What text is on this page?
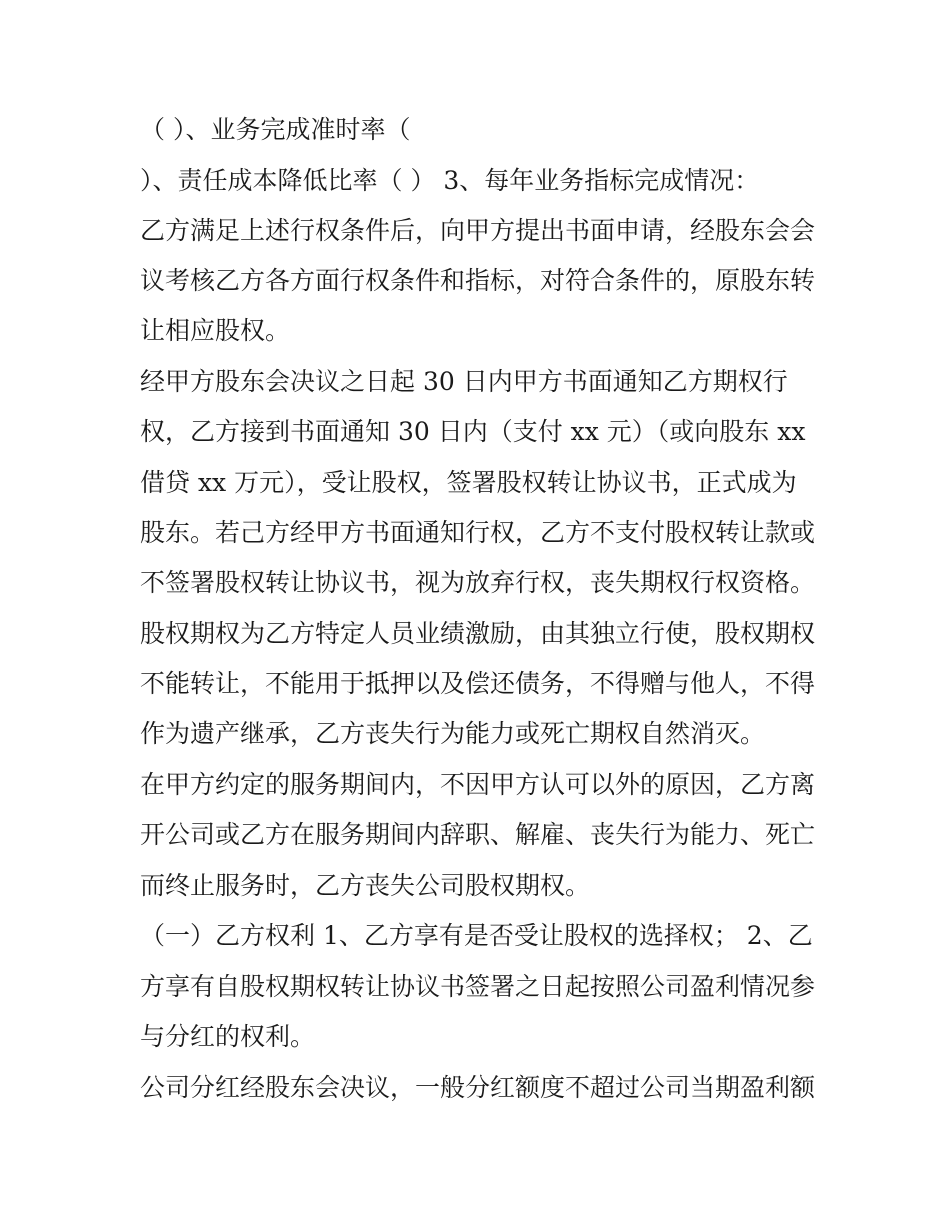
（ ）、业务完成准时率（

）、责任成本降低比率（ ） 3、每年业务指标完成情况：

乙方满足上述行权条件后，向甲方提出书面申请，经股东会会

议考核乙方各方面行权条件和指标，对符合条件的，原股东转

让相应股权。

经甲方股东会决议之日起 30 日内甲方书面通知乙方期权行

权，乙方接到书面通知 30 日内（支付 xx 元）（或向股东 xx

借贷 xx 万元），受让股权，签署股权转让协议书，正式成为

股东。若己方经甲方书面通知行权，乙方不支付股权转让款或

不签署股权转让协议书，视为放弃行权，丧失期权行权资格。

股权期权为乙方特定人员业绩激励，由其独立行使，股权期权

不能转让，不能用于抵押以及偿还债务，不得赠与他人，不得

作为遗产继承，乙方丧失行为能力或死亡期权自然消灭。

在甲方约定的服务期间内，不因甲方认可以外的原因，乙方离

开公司或乙方在服务期间内辞职、解雇、丧失行为能力、死亡

而终止服务时，乙方丧失公司股权期权。

（一）乙方权利 1、乙方享有是否受让股权的选择权； 2、乙

方享有自股权期权转让协议书签署之日起按照公司盈利情况参

与分红的权利。

公司分红经股东会决议，一般分红额度不超过公司当期盈利额
